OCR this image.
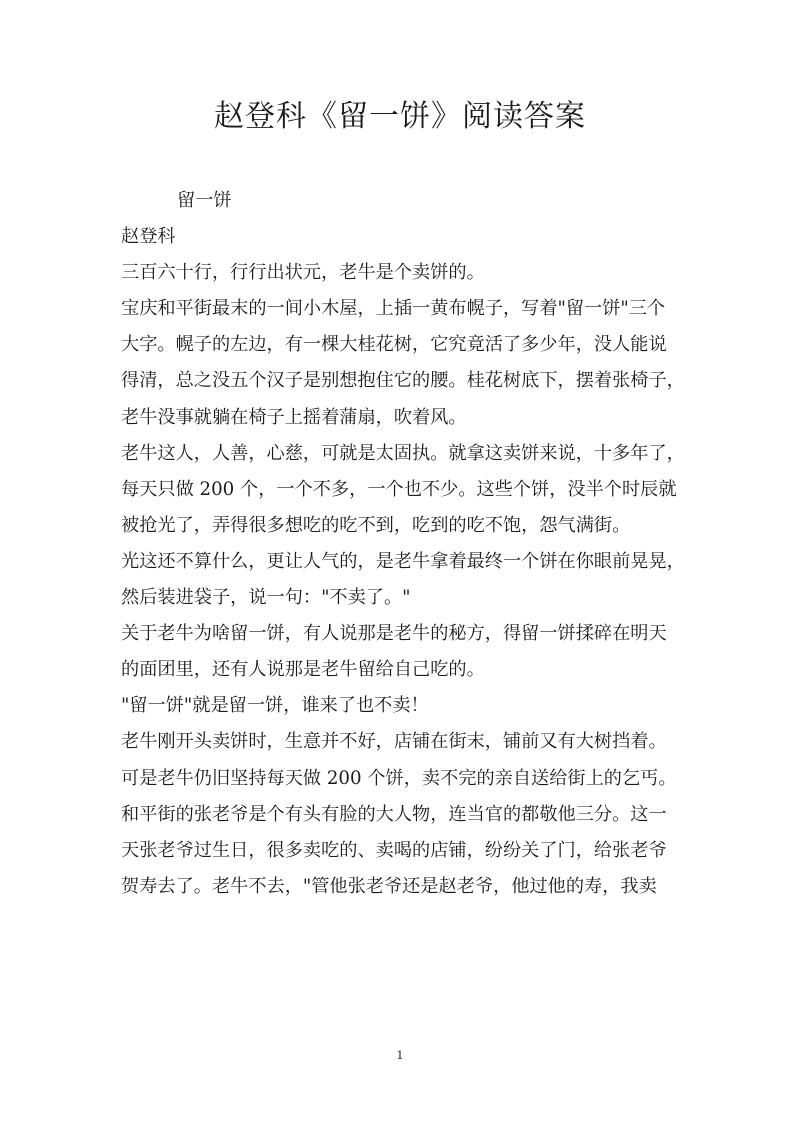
赵登科《留一饼》阅读答案
留一饼
赵登科
三百六十行，行行出状元，老牛是个卖饼的。
宝庆和平街最末的一间小木屋，上插一黄布幌子，写着"留一饼"三个
大字。幌子的左边，有一棵大桂花树，它究竟活了多少年，没人能说
得清，总之没五个汉子是别想抱住它的腰。桂花树底下，摆着张椅子，
老牛没事就躺在椅子上摇着蒲扇，吹着风。
老牛这人，人善，心慈，可就是太固执。就拿这卖饼来说，十多年了，
每天只做 200 个，一个不多，一个也不少。这些个饼，没半个时辰就
被抢光了，弄得很多想吃的吃不到，吃到的吃不饱，怨气满街。
光这还不算什么，更让人气的，是老牛拿着最终一个饼在你眼前晃晃，
然后装进袋子，说一句："不卖了。"
关于老牛为啥留一饼，有人说那是老牛的秘方，得留一饼揉碎在明天
的面团里，还有人说那是老牛留给自己吃的。
"留一饼"就是留一饼，谁来了也不卖！
老牛刚开头卖饼时，生意并不好，店铺在街末，铺前又有大树挡着。
可是老牛仍旧坚持每天做 200 个饼，卖不完的亲自送给街上的乞丐。
和平街的张老爷是个有头有脸的大人物，连当官的都敬他三分。这一
天张老爷过生日，很多卖吃的、卖喝的店铺，纷纷关了门，给张老爷
贺寿去了。老牛不去，"管他张老爷还是赵老爷，他过他的寿，我卖
1
